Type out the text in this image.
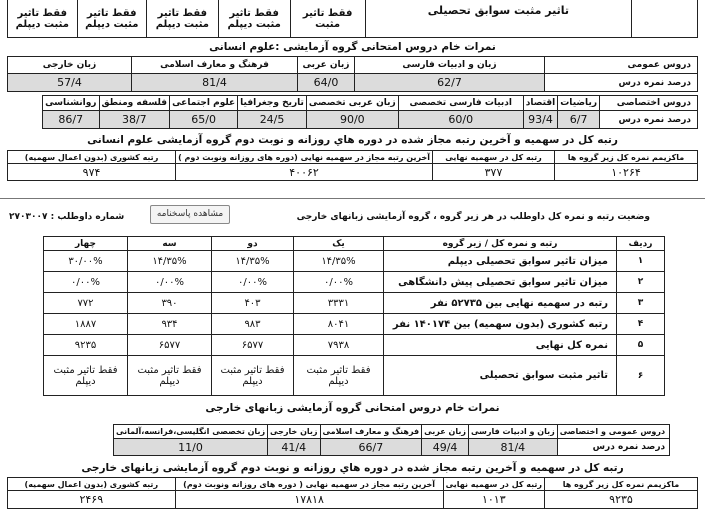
	تاثیر مثبت سوابق تحصیلی	فقط تاثیر مثبت	فقط تاثیر مثبت دیپلم	فقط تاثیر مثبت دیپلم	فقط تاثیر مثبت دیپلم	فقط تاثیر مثبت دیپلم
نمرات خام دروس امتحانی گروه آزمایشی :علوم انسانی
دروس عمومی	زبان و ادبیات فارسی	زبان عربی	فرهنگ و معارف اسلامی	زبان خارجی
درصد نمره درس	62/7	64/0	81/4	57/4
دروس اختصاصی	ریاضیات	اقتصاد	ادبیات فارسی تخصصی	زبان عربی تخصصی	تاریخ وجغرافیا	علوم اجتماعی	فلسفه ومنطق	روانشناسی
درصد نمره درس	6/7	93/4	60/0	90/0	24/5	65/0	38/7	86/7
رتبه کل در سهمیه و آخرین رتبه مجاز شده در دوره هاي روزانه و نوبت دوم گروه آزمایشی علوم انسانی
ماکزیمم نمره کل زیر گروه ها	رتبه کل در سهمیه نهایی	آخرین رتبه مجاز در سهمیه نهایی (دوره های روزانه ونوبت دوم )	رتبه کشوری (بدون اعمال سهمیه)
۱۰۲۶۴	۳۷۷	۴۰۰۶۲	۹۷۴
وضعیت رتبه و نمره کل داوطلب در هر زیر گروه ، گروه آزمایشی زبانهای خارجی
مشاهده پاسخنامه
شماره داوطلب : ۲۷۰۳۰۰۷
ردیف	رتبه و نمره کل / زیر گروه	یک	دو	سه	چهار
۱	میزان تاثیر سوابق تحصیلی دیپلم	۱۴/۳۵%	۱۴/۳۵%	۱۴/۳۵%	۳۰/۰۰%
۲	میزان تاثیر سوابق تحصیلی پیش دانشگاهی	۰/۰۰%	۰/۰۰%	۰/۰۰%	۰/۰۰%
۳	رتبه در سهمیه نهایی بین ۵۲۷۳۵ نفر	۳۳۳۱	۴۰۳	۳۹۰	۷۷۲
۴	رتبه کشوری (بدون سهمیه) بین ۱۴۰۱۷۴ نفر	۸۰۴۱	۹۸۳	۹۳۴	۱۸۸۷
۵	نمره کل نهایی	۷۹۳۸	۶۵۷۷	۶۵۷۷	۹۲۳۵
۶	تاثیر مثبت سوابق تحصیلی	فقط تاثیر مثبت دیپلم	فقط تاثیر مثبت دیپلم	فقط تاثیر مثبت دیپلم	فقط تاثیر مثبت دیپلم
نمرات خام دروس امتحانی گروه آزمایشی زبانهای خارجی
دروس عمومی و اختصاصی	زبان و ادبیات فارسی	زبان عربی	فرهنگ و معارف اسلامی	زبان خارجی	زبان تخصصی انگلیسی،فرانسه،آلمانی
درصد نمره درس	81/4	49/4	66/7	41/4	11/0
رتبه کل در سهمیه و آخرین رتبه مجاز شده در دوره هاي روزانه و نوبت دوم گروه آزمایشی زبانهای خارجی
ماکزیمم نمره کل زیر گروه ها	رتبه کل در سهمیه نهایی	آخرین رتبه مجاز در سهمیه نهایی ( دوره های روزانه ونوبت دوم)	رتبه کشوری (بدون اعمال سهمیه)
۹۲۳۵	۱۰۱۳	۱۷۸۱۸	۲۴۶۹
